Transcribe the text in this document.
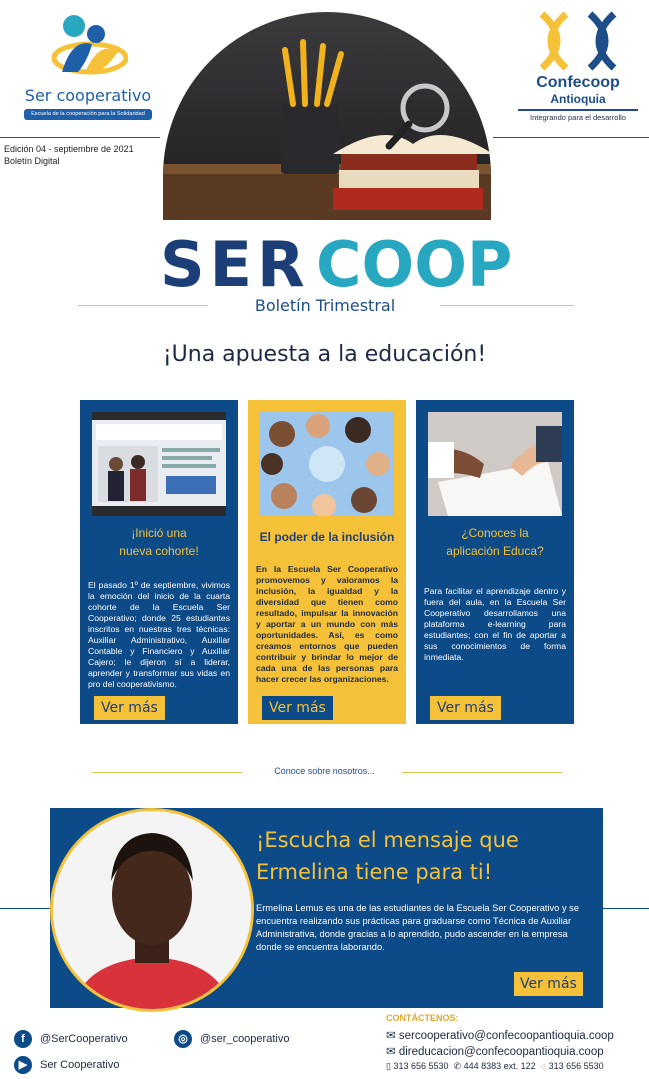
Ser cooperativo
Escuela de la cooperación para la Solidaridad
Confecoop
Antioquia
Integrando para el desarrollo
Edición 04 - septiembre de 2021
Boletín Digital
SER COOP
Boletín Trimestral
¡Una apuesta a la educación!
¡Inició una
nueva cohorte!
El pasado 1º de septiembre, vivimos la emoción del inicio de la cuarta cohorte de la Escuela Ser Cooperativo; donde 25 estudiantes inscritos en nuestras tres técnicas: Auxiliar Administrativo, Auxiliar Contable y Financiero y Auxiliar Cajero; le dijeron sí a liderar, aprender y transformar sus vidas en pro del cooperativismo.
Ver más
El poder de la inclusión
En la Escuela Ser Cooperativo promovemos y valoramos la inclusión, la igualdad y la diversidad que tienen como resultado, impulsar la innovación y aportar a un mundo con más oportunidades. Así, es como creamos entornos que pueden contribuir y brindar lo mejor de cada una de las personas para hacer crecer las organizaciones.
Ver más
¿Conoces la
aplicación Educa?
Para facilitar el aprendizaje dentro y fuera del aula, en la Escuela Ser Cooperativo desarrollamos una plataforma e-learning para estudiantes; con el fin de aportar a sus conocimientos de forma inmediata.
Ver más
Conoce sobre nosotros...
¡Escucha el mensaje que
Ermelina tiene para ti!
Ermelina Lemus es una de las estudiantes de la Escuela Ser Cooperativo y se encuentra realizando sus prácticas para graduarse como Técnica de Auxiliar Administrativa, donde gracias a lo aprendido, pudo ascender en la empresa donde se encuentra laborando.
Ver más
f	@SerCooperativo	◎	@ser_cooperativo
▶	Ser Cooperativo
CONTÁCTENOS:
✉ sercooperativo@confecoopantioquia.coop
✉ direducacion@confecoopantioquia.coop
▯ 313 656 5530 ✆ 444 8383 ext. 122 ◌ 313 656 5530
